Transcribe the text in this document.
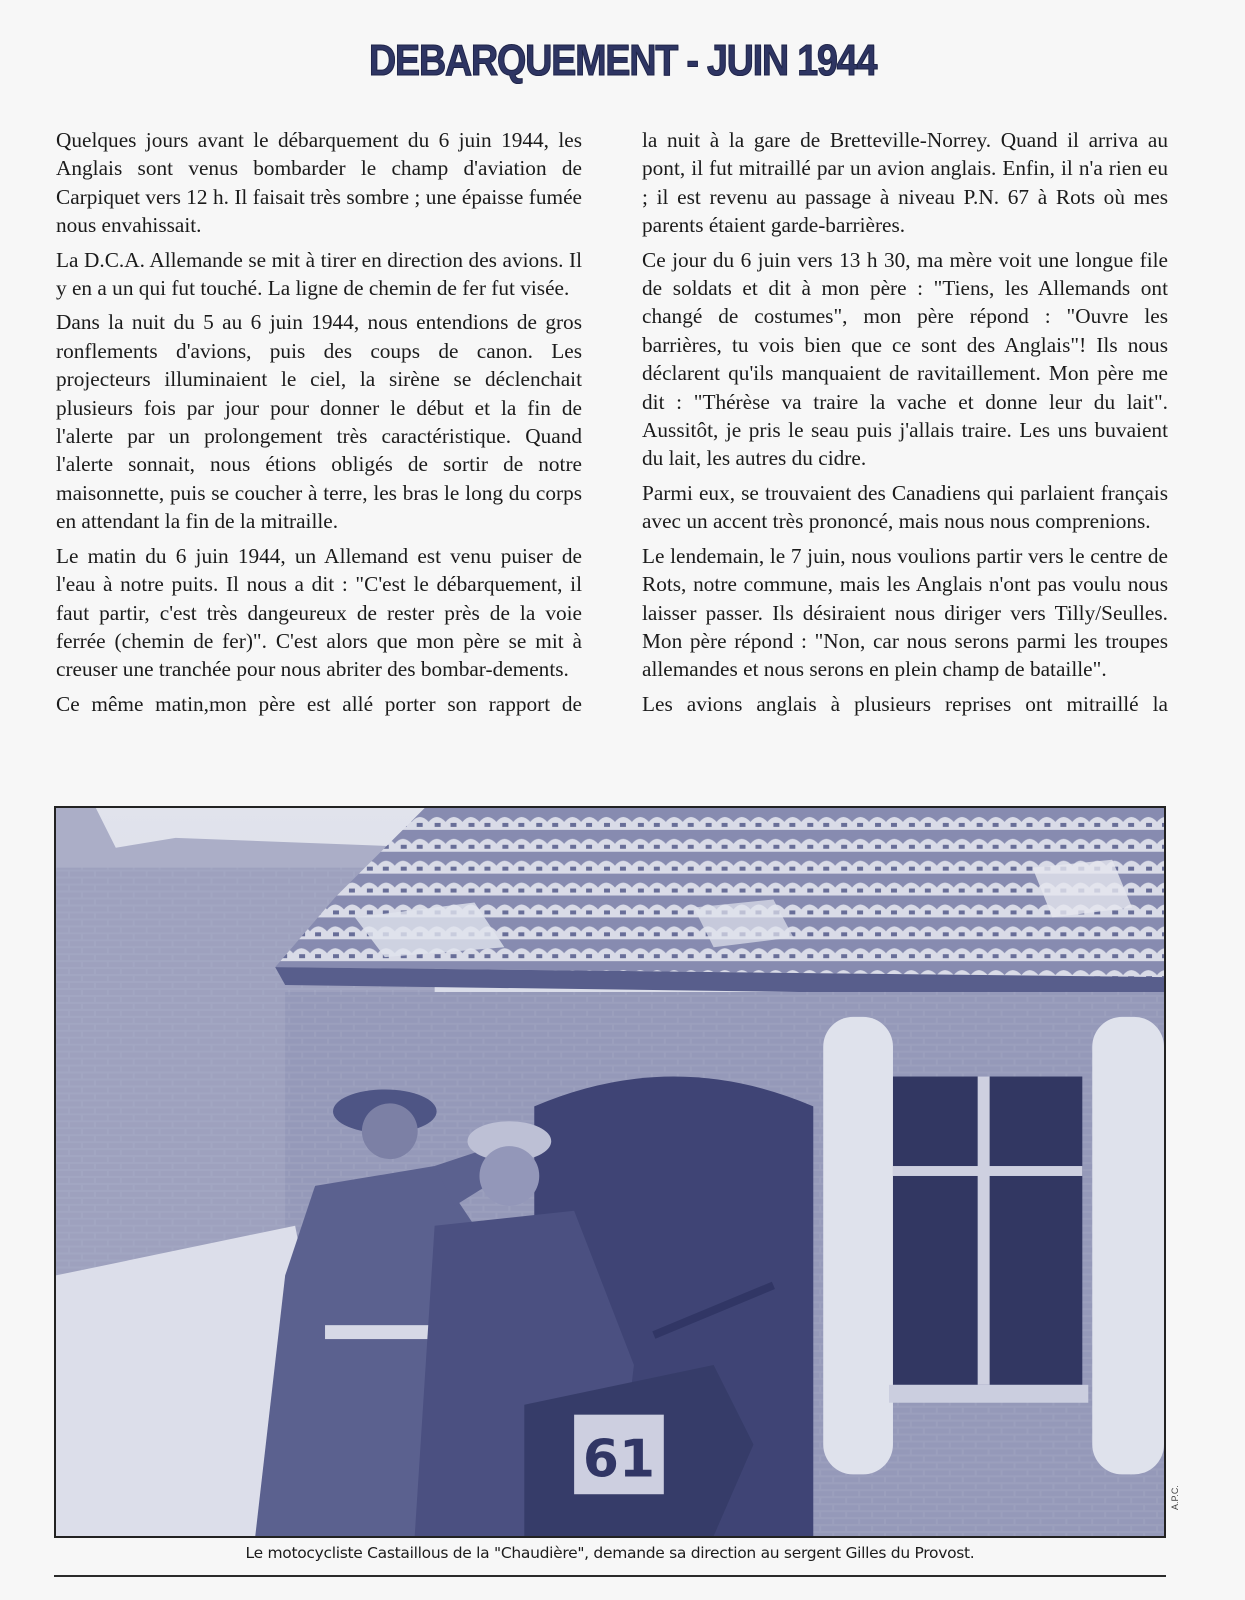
DEBARQUEMENT - JUIN 1944

Quelques jours avant le débarquement du 6 juin 1944, les Anglais sont venus bombarder le champ d'aviation de Carpiquet vers 12 h. Il faisait très sombre ; une épaisse fumée nous envahissait.

La D.C.A. Allemande se mit à tirer en direction des avions. Il y en a un qui fut touché. La ligne de chemin de fer fut visée.

Dans la nuit du 5 au 6 juin 1944, nous entendions de gros ronflements d'avions, puis des coups de canon. Les projecteurs illuminaient le ciel, la sirène se déclenchait plusieurs fois par jour pour donner le début et la fin de l'alerte par un prolongement très caractéristique. Quand l'alerte sonnait, nous étions obligés de sortir de notre maisonnette, puis se coucher à terre, les bras le long du corps en attendant la fin de la mitraille.

Le matin du 6 juin 1944, un Allemand est venu puiser de l'eau à notre puits. Il nous a dit : "C'est le débarquement, il faut partir, c'est très dangeureux de rester près de la voie ferrée (chemin de fer)". C'est alors que mon père se mit à creuser une tranchée pour nous abriter des bombar-dements.

Ce même matin,mon père est allé porter son rapport de

la nuit à la gare de Bretteville-Norrey. Quand il arriva au pont, il fut mitraillé par un avion anglais. Enfin, il n'a rien eu ; il est revenu au passage à niveau P.N. 67 à Rots où mes parents étaient garde-barrières.

Ce jour du 6 juin vers 13 h 30, ma mère voit une longue file de soldats et dit à mon père : "Tiens, les Allemands ont changé de costumes", mon père répond : "Ouvre les barrières, tu vois bien que ce sont des Anglais"! Ils nous déclarent qu'ils manquaient de ravitaillement. Mon père me dit : "Thérèse va traire la vache et donne leur du lait". Aussitôt, je pris le seau puis j'allais traire. Les uns buvaient du lait, les autres du cidre.

Parmi eux, se trouvaient des Canadiens qui parlaient français avec un accent très prononcé, mais nous nous comprenions.

Le lendemain, le 7 juin, nous voulions partir vers le centre de Rots, notre commune, mais les Anglais n'ont pas voulu nous laisser passer. Ils désiraient nous diriger vers Tilly/Seulles. Mon père répond : "Non, car nous serons parmi les troupes allemandes et nous serons en plein champ de bataille".

Les avions anglais à plusieurs reprises ont mitraillé la

61
A.P.C.
Le motocycliste Castaillous de la "Chaudière", demande sa direction au sergent Gilles du Provost.
